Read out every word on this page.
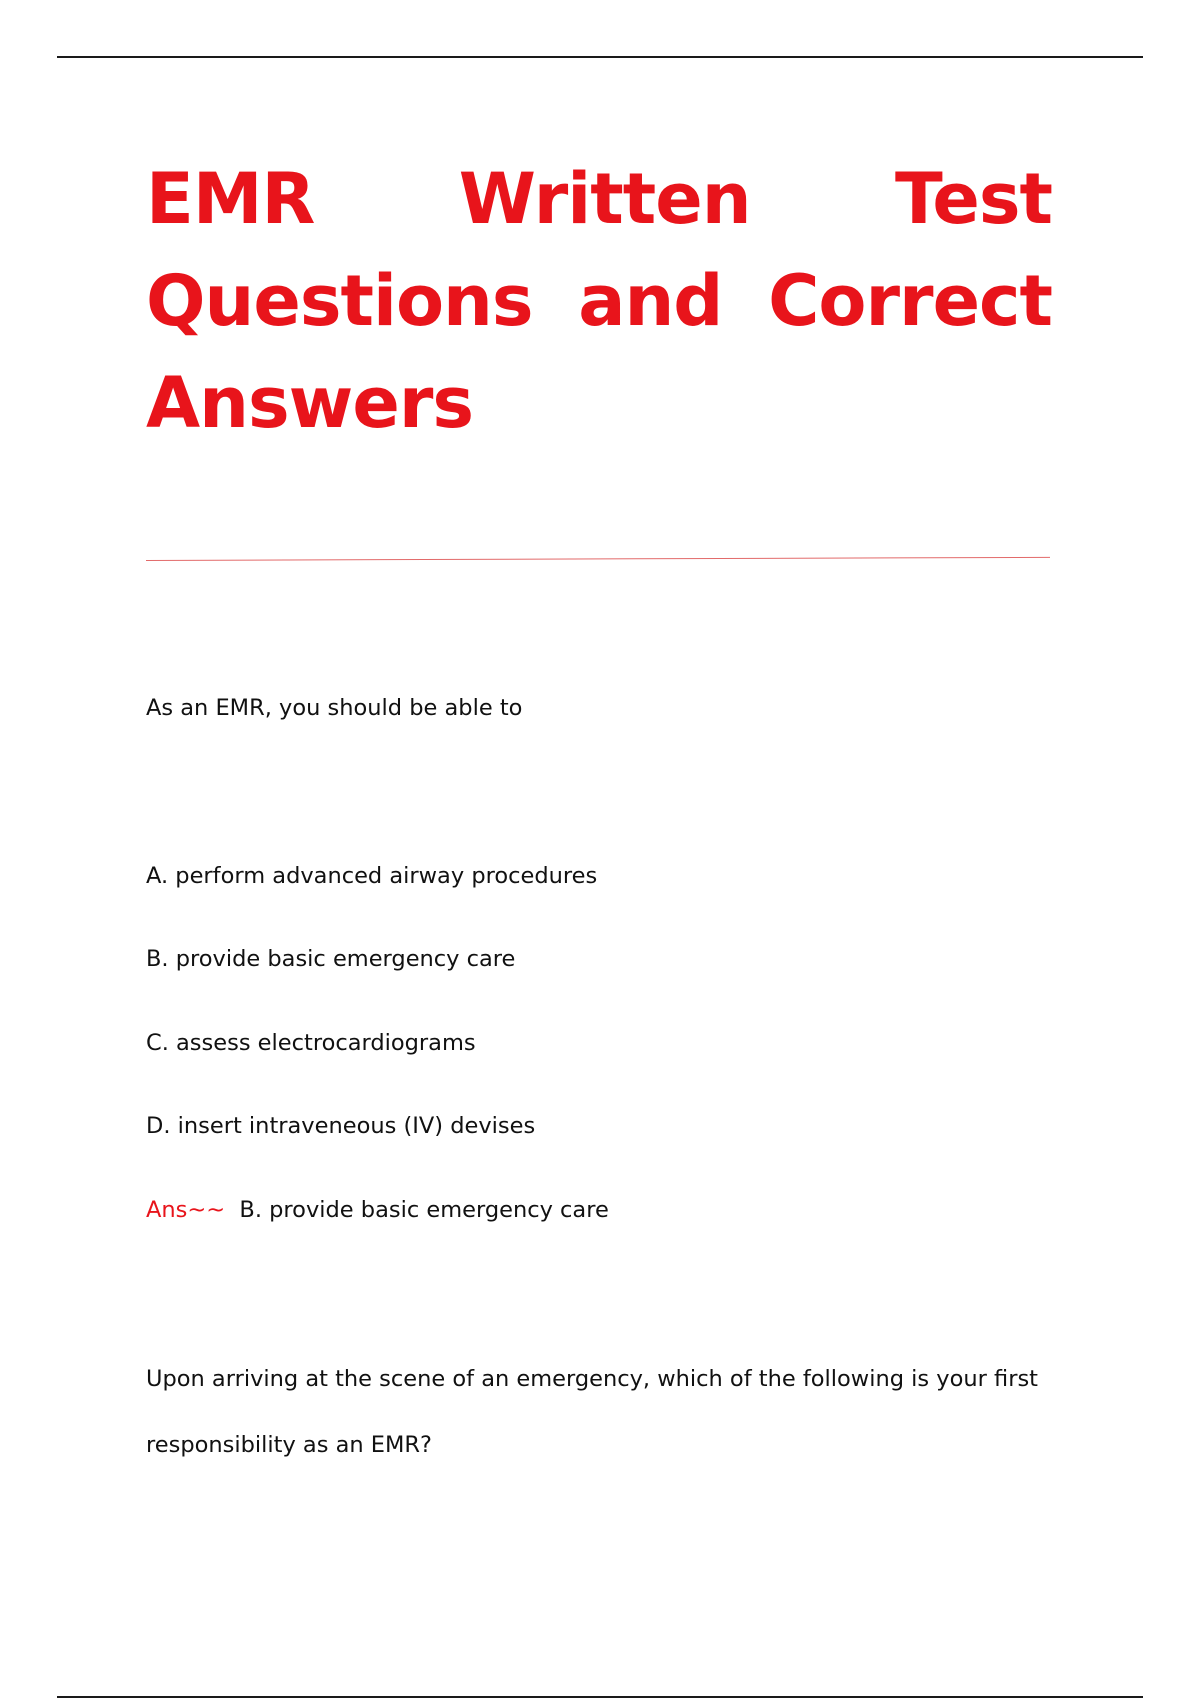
EMR Written Test
Questions and Correct
Answers
As an EMR, you should be able to
A. perform advanced airway procedures
B. provide basic emergency care
C. assess electrocardiograms
D. insert intraveneous (IV) devises
Ans~~ B. provide basic emergency care
Upon arriving at the scene of an emergency, which of the following is your first
responsibility as an EMR?
